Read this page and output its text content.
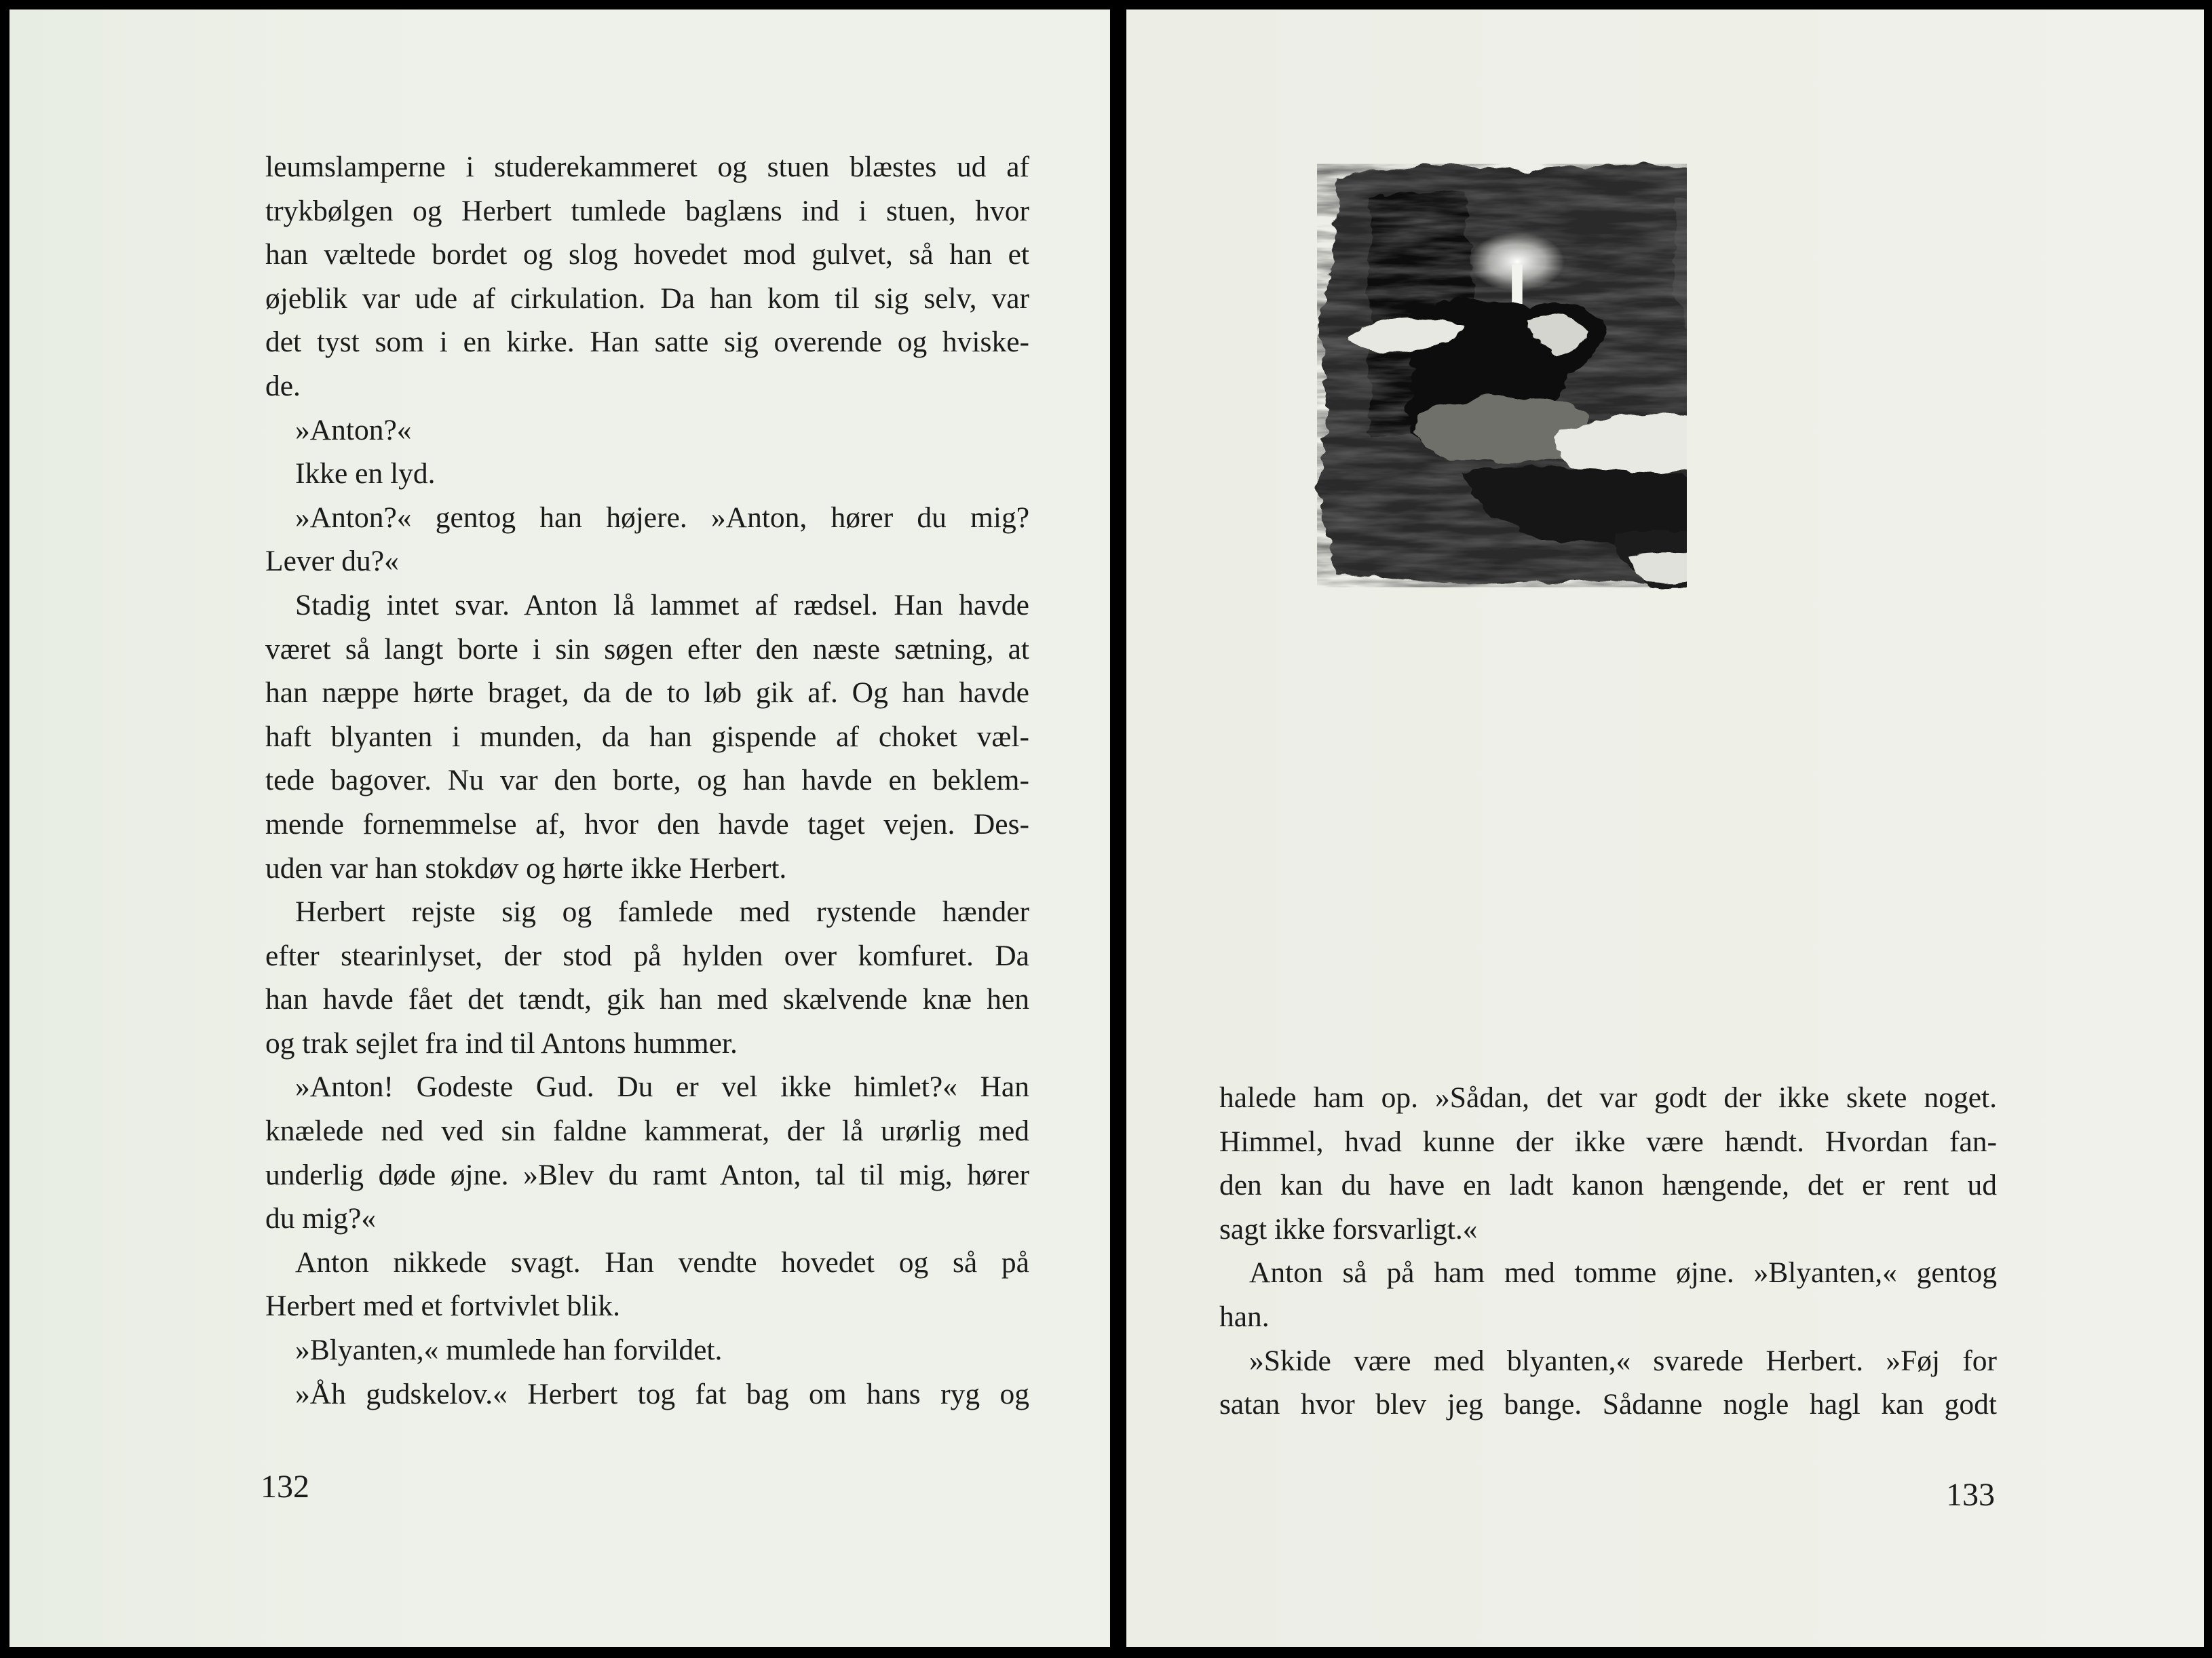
leumslamperne i studerekammeret og stuen blæstes ud af
trykbølgen og Herbert tumlede baglæns ind i stuen, hvor
han væltede bordet og slog hovedet mod gulvet, så han et
øjeblik var ude af cirkulation. Da han kom til sig selv, var
det tyst som i en kirke. Han satte sig overende og hviske-
de.
»Anton?«
Ikke en lyd.
»Anton?« gentog han højere. »Anton, hører du mig?
Lever du?«
Stadig intet svar. Anton lå lammet af rædsel. Han havde
været så langt borte i sin søgen efter den næste sætning, at
han næppe hørte braget, da de to løb gik af. Og han havde
haft blyanten i munden, da han gispende af choket væl-
tede bagover. Nu var den borte, og han havde en beklem-
mende fornemmelse af, hvor den havde taget vejen. Des-
uden var han stokdøv og hørte ikke Herbert.
Herbert rejste sig og famlede med rystende hænder
efter stearinlyset, der stod på hylden over komfuret. Da
han havde fået det tændt, gik han med skælvende knæ hen
og trak sejlet fra ind til Antons hummer.
»Anton! Godeste Gud. Du er vel ikke himlet?« Han
knælede ned ved sin faldne kammerat, der lå urørlig med
underlig døde øjne. »Blev du ramt Anton, tal til mig, hører
du mig?«
Anton nikkede svagt. Han vendte hovedet og så på
Herbert med et fortvivlet blik.
»Blyanten,« mumlede han forvildet.
»Åh gudskelov.« Herbert tog fat bag om hans ryg og
132
halede ham op. »Sådan, det var godt der ikke skete noget.
Himmel, hvad kunne der ikke være hændt. Hvordan fan-
den kan du have en ladt kanon hængende, det er rent ud
sagt ikke forsvarligt.«
Anton så på ham med tomme øjne. »Blyanten,« gentog
han.
»Skide være med blyanten,« svarede Herbert. »Føj for
satan hvor blev jeg bange. Sådanne nogle hagl kan godt
133
